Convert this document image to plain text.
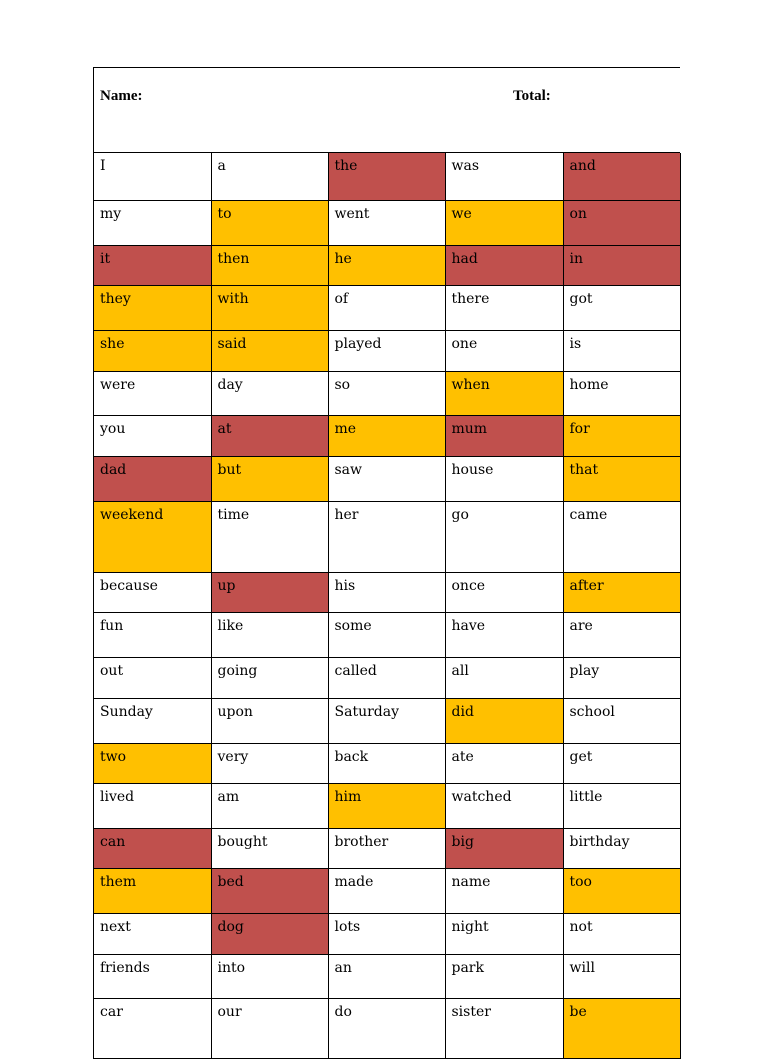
Name:	Total:
I	a	the	was	and
my	to	went	we	on
it	then	he	had	in
they	with	of	there	got
she	said	played	one	is
were	day	so	when	home
you	at	me	mum	for
dad	but	saw	house	that
weekend	time	her	go	came
because	up	his	once	after
fun	like	some	have	are
out	going	called	all	play
Sunday	upon	Saturday	did	school
two	very	back	ate	get
lived	am	him	watched	little
can	bought	brother	big	birthday
them	bed	made	name	too
next	dog	lots	night	not
friends	into	an	park	will
car	our	do	sister	be
